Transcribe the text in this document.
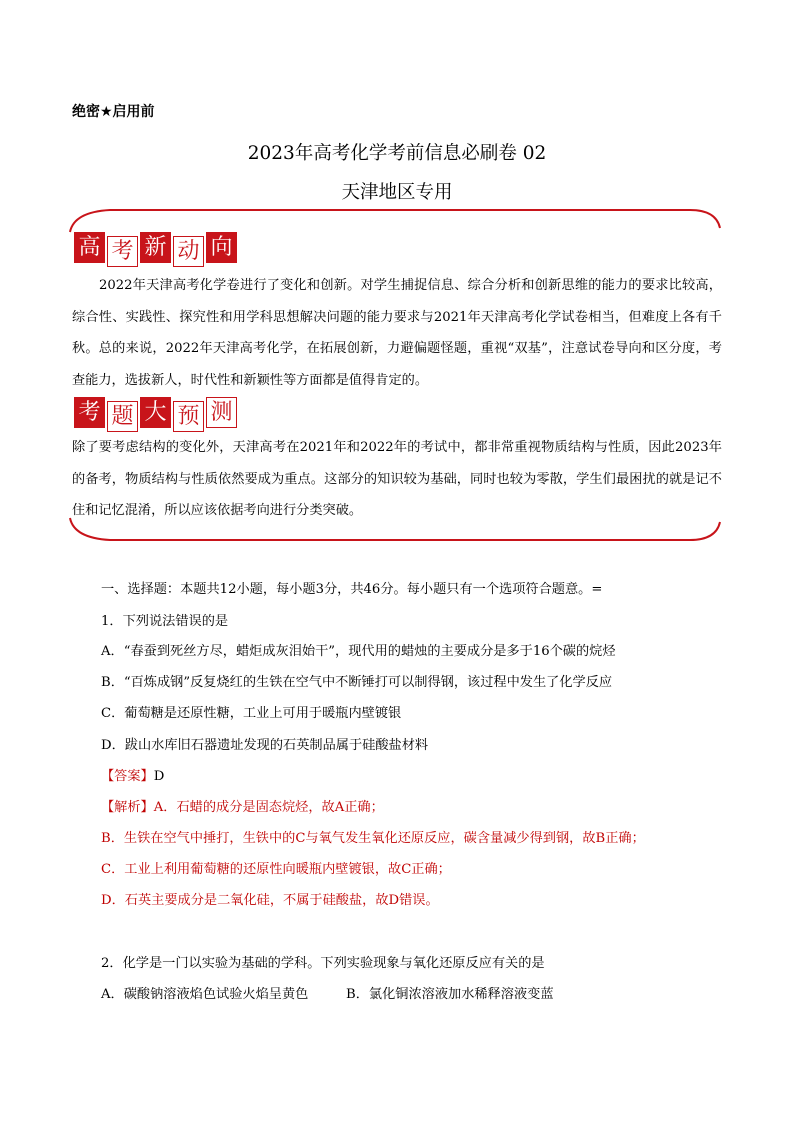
绝密★启用前
2023年高考化学考前信息必刷卷 02
天津地区专用
高 考 新 动 向
2022年天津高考化学卷进行了变化和创新。对学生捕捉信息、综合分析和创新思维的能力的要求比较高，综合性、实践性、探究性和用学科思想解决问题的能力要求与2021年天津高考化学试卷相当，但难度上各有千秋。总的来说，2022年天津高考化学，在拓展创新，力避偏题怪题，重视“双基”，注意试卷导向和区分度，考查能力，选拔新人，时代性和新颖性等方面都是值得肯定的。
考 题 大 预 测
除了要考虑结构的变化外，天津高考在2021年和2022年的考试中，都非常重视物质结构与性质，因此2023年的备考，物质结构与性质依然要成为重点。这部分的知识较为基础，同时也较为零散，学生们最困扰的就是记不住和记忆混淆，所以应该依据考向进行分类突破。
一、选择题：本题共12小题，每小题3分，共46分。每小题只有一个选项符合题意。=
1．下列说法错误的是
A．“春蚕到死丝方尽，蜡炬成灰泪始干”，现代用的蜡烛的主要成分是多于16个碳的烷烃
B．“百炼成钢”反复烧红的生铁在空气中不断锤打可以制得钢，该过程中发生了化学反应
C．葡萄糖是还原性糖，工业上可用于暖瓶内壁镀银
D．跋山水库旧石器遗址发现的石英制品属于硅酸盐材料
【答案】D
【解析】A．石蜡的成分是固态烷烃，故A正确；
B．生铁在空气中捶打，生铁中的C与氧气发生氧化还原反应，碳含量减少得到钢，故B正确；
C．工业上利用葡萄糖的还原性向暖瓶内壁镀银，故C正确；
D．石英主要成分是二氧化硅，不属于硅酸盐，故D错误。
2．化学是一门以实验为基础的学科。下列实验现象与氧化还原反应有关的是
A．碳酸钠溶液焰色试验火焰呈黄色	B．氯化铜浓溶液加水稀释溶液变蓝
